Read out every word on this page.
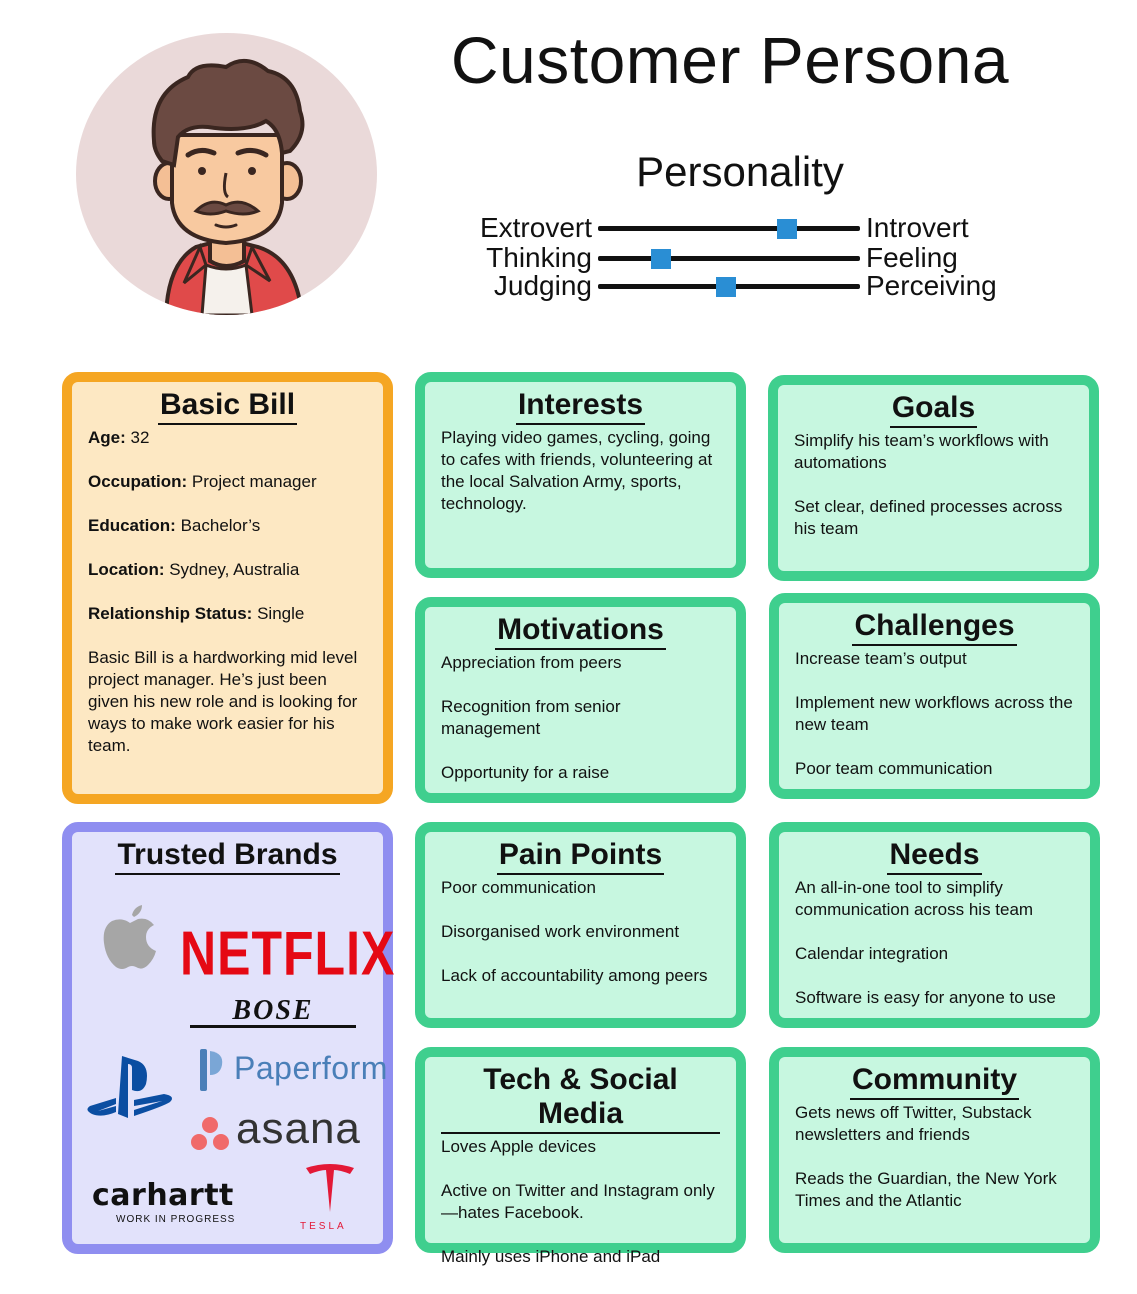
Customer Persona
Personality
Extrovert	Introvert
Thinking	Feeling
Judging	Perceiving
Basic Bill

Age: 32

Occupation: Project manager

Education: Bachelor’s

Location: Sydney, Australia

Relationship Status: Single

Basic Bill is a hardworking mid level project manager. He’s just been given his new role and is looking for ways to make work easier for his team.

Interests

Playing video games, cycling, going to cafes with friends, volunteering at the local Salvation Army, sports, technology.

Goals

Simplify his team’s workflows with automations

Set clear, defined processes across his team

Motivations

Appreciation from peers

Recognition from senior management

Opportunity for a raise

Challenges

Increase team’s output

Implement new workflows across the new team

Poor team communication

Trusted Brands
NETFLIX
BOSE
Paperform
asana
carhartt
WORK IN PROGRESS
TESLA
Pain Points

Poor communication

Disorganised work environment

Lack of accountability among peers

Needs

An all-in-one tool to simplify communication across his team

Calendar integration

Software is easy for anyone to use

Tech & Social Media

Loves Apple devices

Active on Twitter and Instagram only—hates Facebook.

Mainly uses iPhone and iPad

Community

Gets news off Twitter, Substack newsletters and friends

Reads the Guardian, the New York Times and the Atlantic
